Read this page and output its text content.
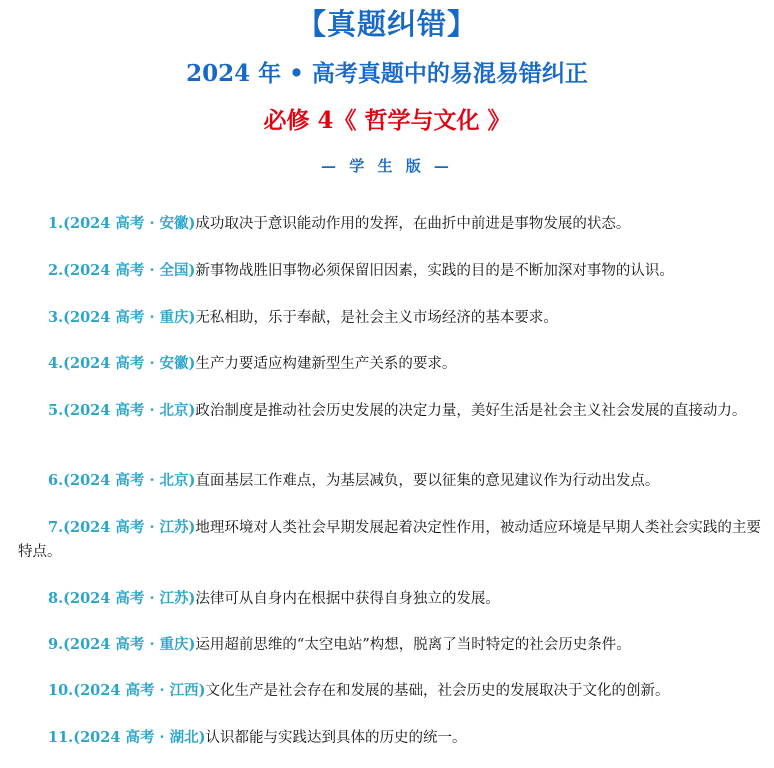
【真题纠错】
2024 年 • 高考真题中的易混易错纠正
必修 4《 哲学与文化 》
— 学 生 版 —
1.(2024 高考 · 安徽)成功取决于意识能动作用的发挥，在曲折中前进是事物发展的状态。
2.(2024 高考 · 全国)新事物战胜旧事物必须保留旧因素，实践的目的是不断加深对事物的认识。
3.(2024 高考 · 重庆)无私相助，乐于奉献，是社会主义市场经济的基本要求。
4.(2024 高考 · 安徽)生产力要适应构建新型生产关系的要求。
5.(2024 高考 · 北京)政治制度是推动社会历史发展的决定力量，美好生活是社会主义社会发展的直接动力。
6.(2024 高考 · 北京)直面基层工作难点，为基层减负，要以征集的意见建议作为行动出发点。
7.(2024 高考 · 江苏)地理环境对人类社会早期发展起着决定性作用，被动适应环境是早期人类社会实践的主要特点。
8.(2024 高考 · 江苏)法律可从自身内在根据中获得自身独立的发展。
9.(2024 高考 · 重庆)运用超前思维的“太空电站”构想，脱离了当时特定的社会历史条件。
10.(2024 高考 · 江西)文化生产是社会存在和发展的基础，社会历史的发展取决于文化的创新。
11.(2024 高考 · 湖北)认识都能与实践达到具体的历史的统一。
